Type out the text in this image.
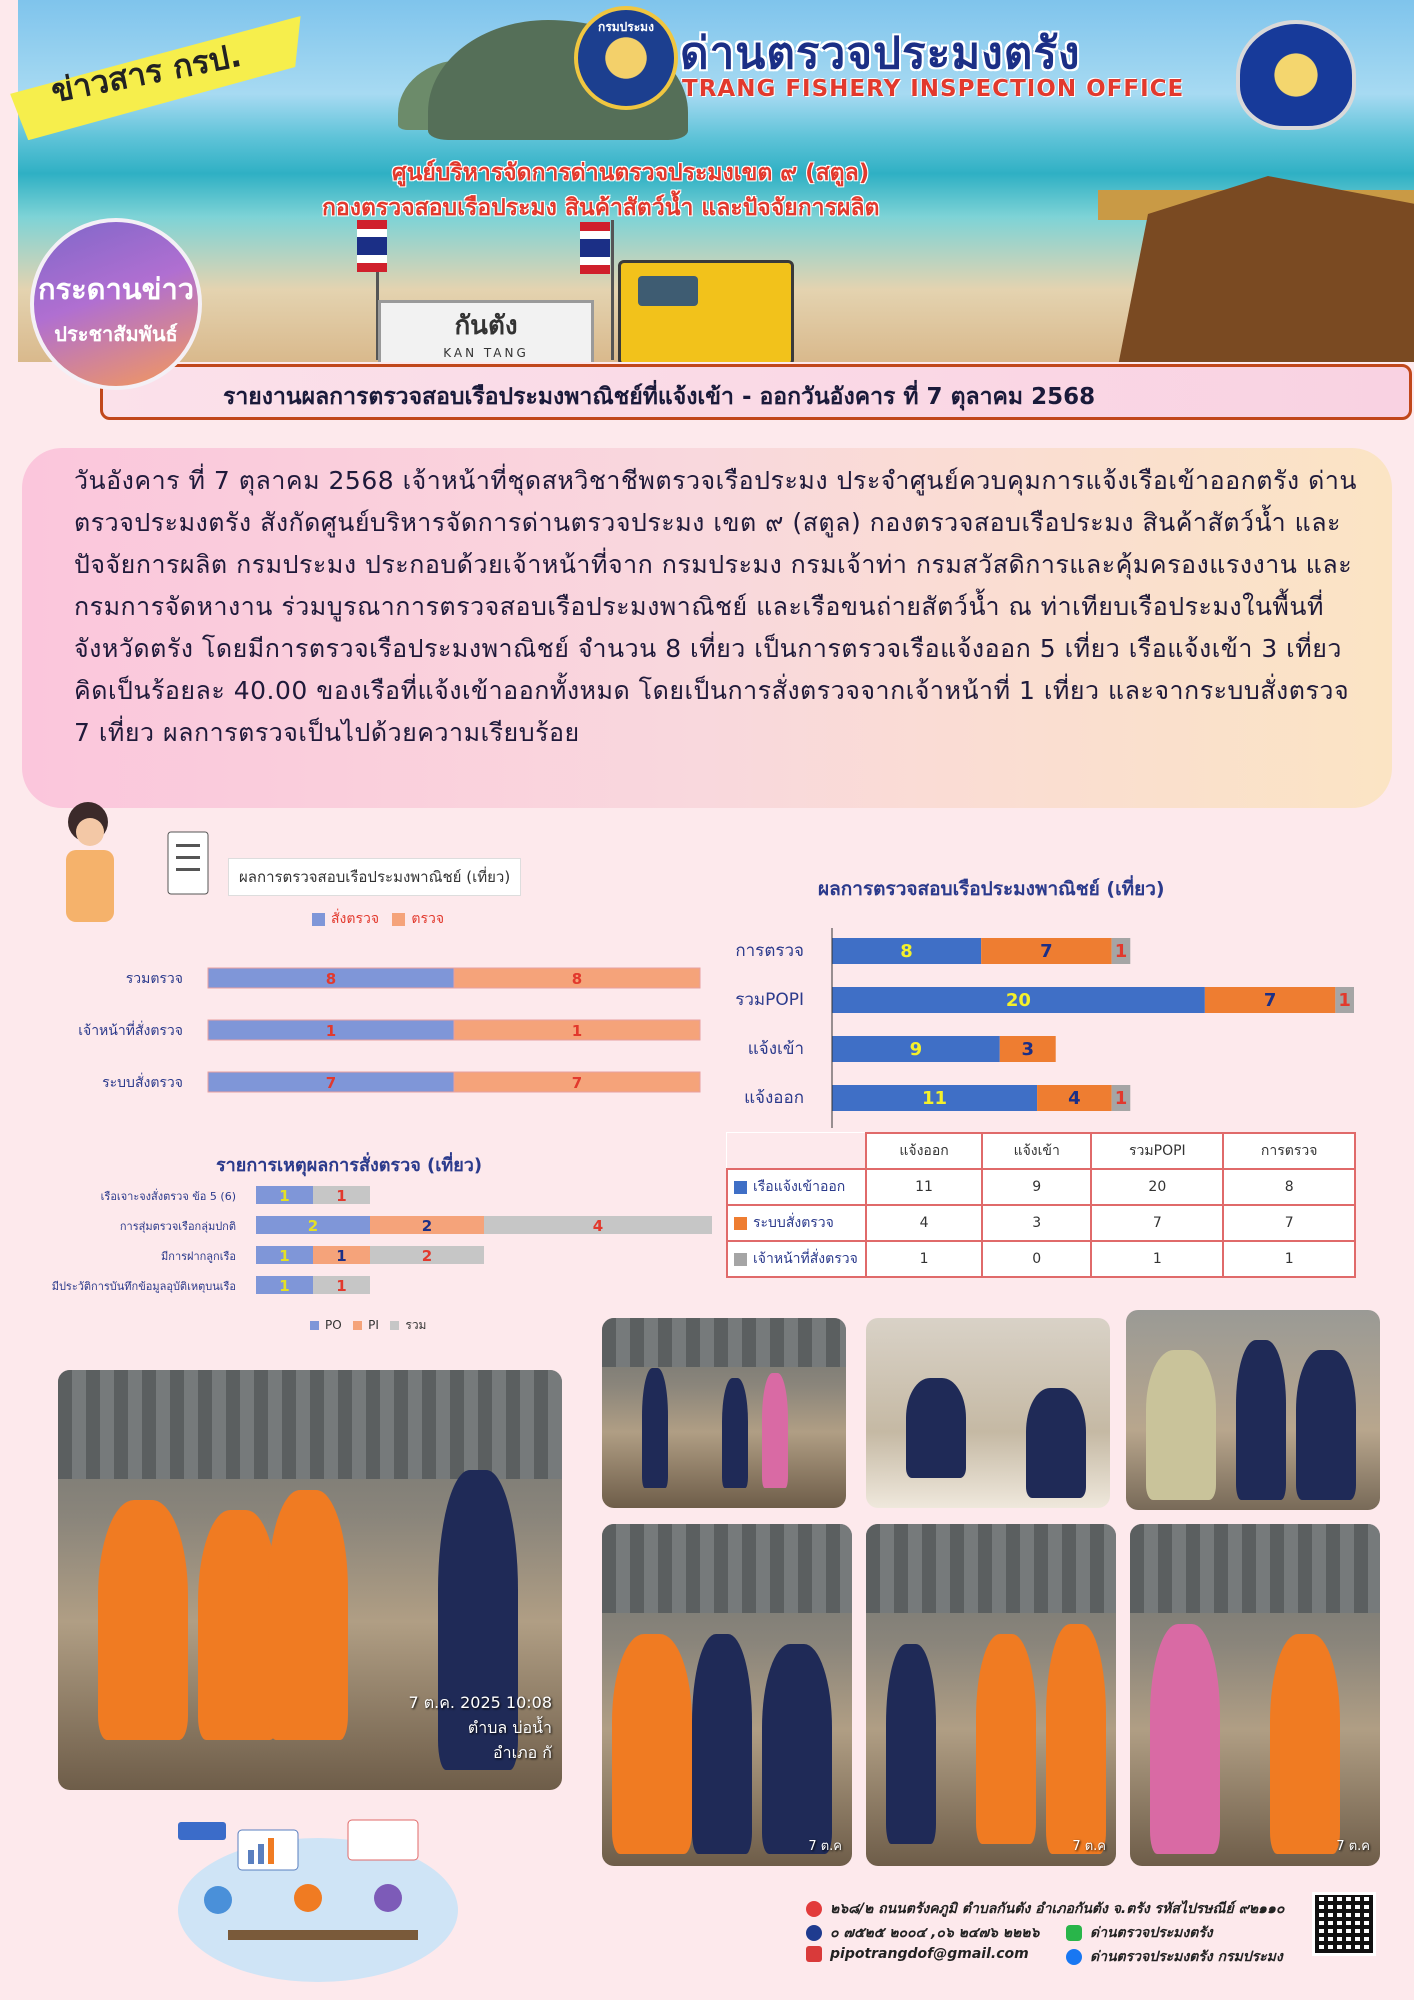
กันตัง
KAN TANG
ข่าวสาร กรป.
กรมประมง
ด่านตรวจประมงตรัง
TRANG FISHERY INSPECTION OFFICE
ศูนย์บริหารจัดการด่านตรวจประมงเขต ๙ (สตูล)
กองตรวจสอบเรือประมง สินค้าสัตว์น้ำ และปัจจัยการผลิต
กระดานข่าว
ประชาสัมพันธ์
รายงานผลการตรวจสอบเรือประมงพาณิชย์ที่แจ้งเข้า - ออกวันอังคาร ที่ 7 ตุลาคม 2568

วันอังคาร ที่ 7 ตุลาคม 2568 เจ้าหน้าที่ชุดสหวิชาชีพตรวจเรือประมง ประจำศูนย์ควบคุมการแจ้งเรือเข้าออกตรัง ด่านตรวจประมงตรัง สังกัดศูนย์บริหารจัดการด่านตรวจประมง เขต ๙ (สตูล) กองตรวจสอบเรือประมง สินค้าสัตว์น้ำ และปัจจัยการผลิต กรมประมง ประกอบด้วยเจ้าหน้าที่จาก กรมประมง กรมเจ้าท่า กรมสวัสดิการและคุ้มครองแรงงาน และกรมการจัดหางาน ร่วมบูรณาการตรวจสอบเรือประมงพาณิชย์ และเรือขนถ่ายสัตว์น้ำ ณ ท่าเทียบเรือประมงในพื้นที่จังหวัดตรัง โดยมีการตรวจเรือประมงพาณิชย์ จำนวน 8 เที่ยว เป็นการตรวจเรือแจ้งออก 5 เที่ยว เรือแจ้งเข้า 3 เที่ยว คิดเป็นร้อยละ 40.00 ของเรือที่แจ้งเข้าออกทั้งหมด โดยเป็นการสั่งตรวจจากเจ้าหน้าที่ 1 เที่ยว และจากระบบสั่งตรวจ 7 เที่ยว ผลการตรวจเป็นไปด้วยความเรียบร้อย

ผลการตรวจสอบเรือประมงพาณิชย์ (เที่ยว)
สั่งตรวจ ตรวจ
รวมตรวจ	8	8
เจ้าหน้าที่สั่งตรวจ	1	1
ระบบสั่งตรวจ	7	7
ผลการตรวจสอบเรือประมงพาณิชย์ (เที่ยว)
การตรวจ	8	7	1
รวมPOPI	20	7	1
แจ้งเข้า	9	3
แจ้งออก	11	4 1
	แจ้งออก	แจ้งเข้า	รวมPOPI	การตรวจ
เรือแจ้งเข้าออก	11	9	20	8
ระบบสั่งตรวจ	4	3	7	7
เจ้าหน้าที่สั่งตรวจ	1	0	1	1
รายการเหตุผลการสั่งตรวจ (เที่ยว)
เรือเจาะจงสั่งตรวจ ข้อ 5 (6)	1	1
การสุ่มตรวจเรือกลุ่มปกติ	2	2	4
มีการฝากลูกเรือ	1	1	2
มีประวัติการบันทึกข้อมูลอุบัติเหตุบนเรือ	1	1
PO PI รวม
7 ต.ค. 2025 10:08
ตำบล บ่อน้ำ
อำเภอ กั
7 ต.ค	7 ต.ค	7 ต.ค
๒๖๘/๒ ถนนตรังคภูมิ ตำบลกันตัง อำเภอกันตัง จ.ตรัง รหัสไปรษณีย์ ๙๒๑๑๐
๐ ๗๕๒๕ ๒๐๐๔ ,๐๖ ๒๔๗๖ ๒๒๒๖	ด่านตรวจประมงตรัง
pipotrangdof@gmail.com	ด่านตรวจประมงตรัง กรมประมง
